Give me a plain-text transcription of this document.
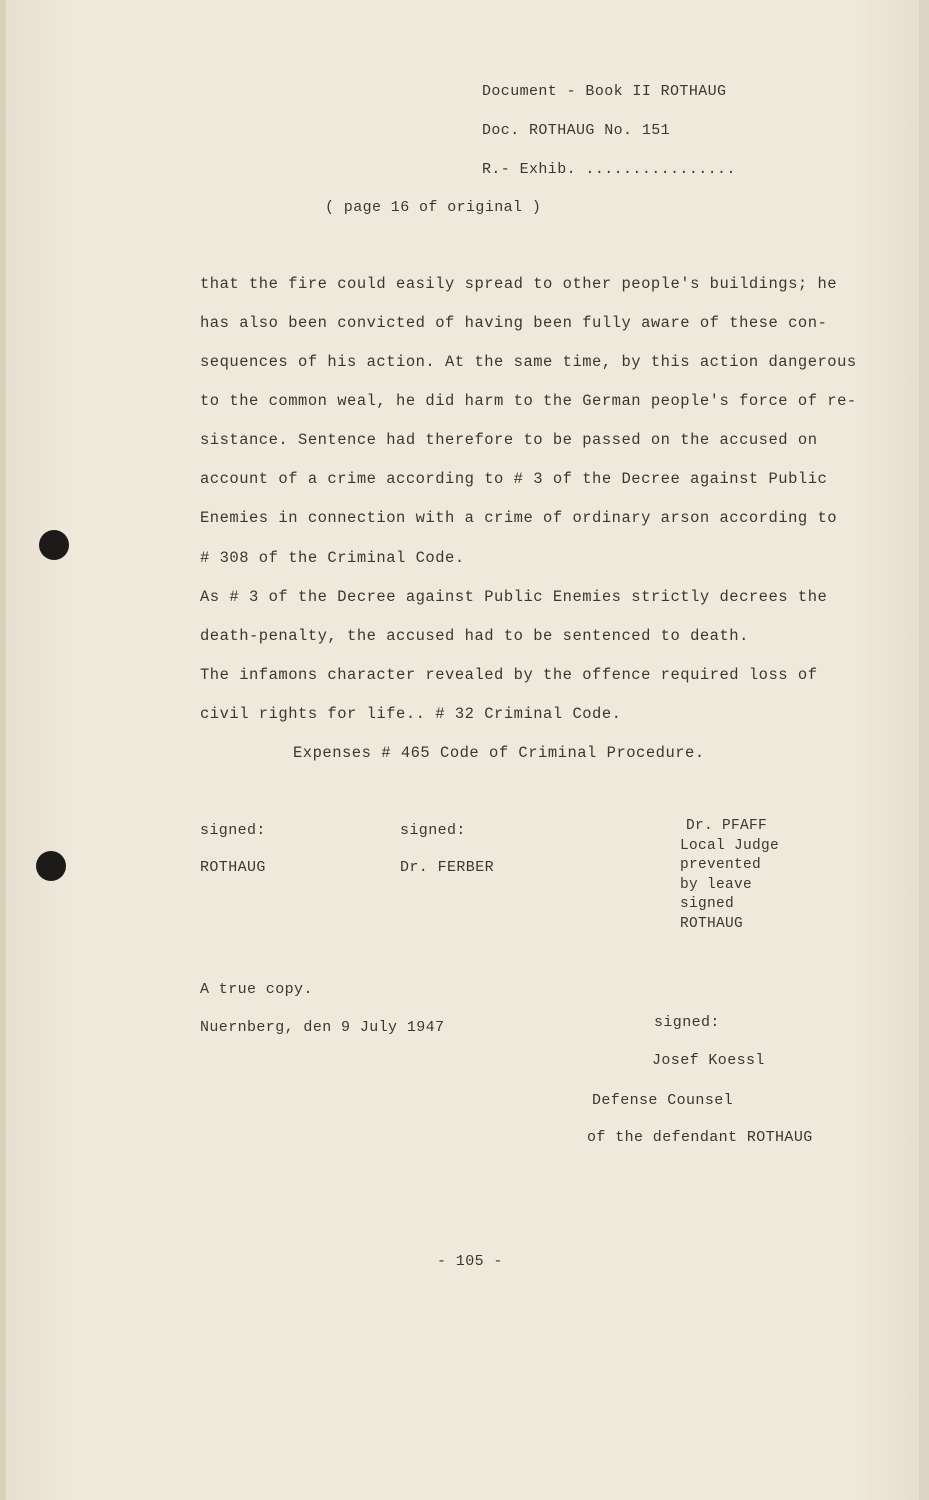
Document - Book II ROTHAUG
Doc. ROTHAUG No. 151
R.- Exhib. ................
( page 16 of original )
that the fire could easily spread to other people's buildings; he
has also been convicted of having been fully aware of these con-
sequences of his action. At the same time, by this action dangerous
to the common weal, he did harm to the German people's force of re-
sistance. Sentence had therefore to be passed on the accused on
account of a crime according to # 3 of the Decree against Public
Enemies in connection with a crime of ordinary arson according to
# 308 of the Criminal Code.
As # 3 of the Decree against Public Enemies strictly decrees the
death-penalty, the accused had to be sentenced to death.
The infamons character revealed by the offence required loss of
civil rights for life.. # 32 Criminal Code.
Expenses # 465 Code of Criminal Procedure.
signed:
ROTHAUG
signed:
Dr. FERBER
Dr. PFAFF
Local Judge
prevented
by leave
signed
ROTHAUG
A true copy.
Nuernberg, den 9 July 1947	signed:
Josef Koessl
Defense Counsel
of the defendant ROTHAUG
- 105 -
